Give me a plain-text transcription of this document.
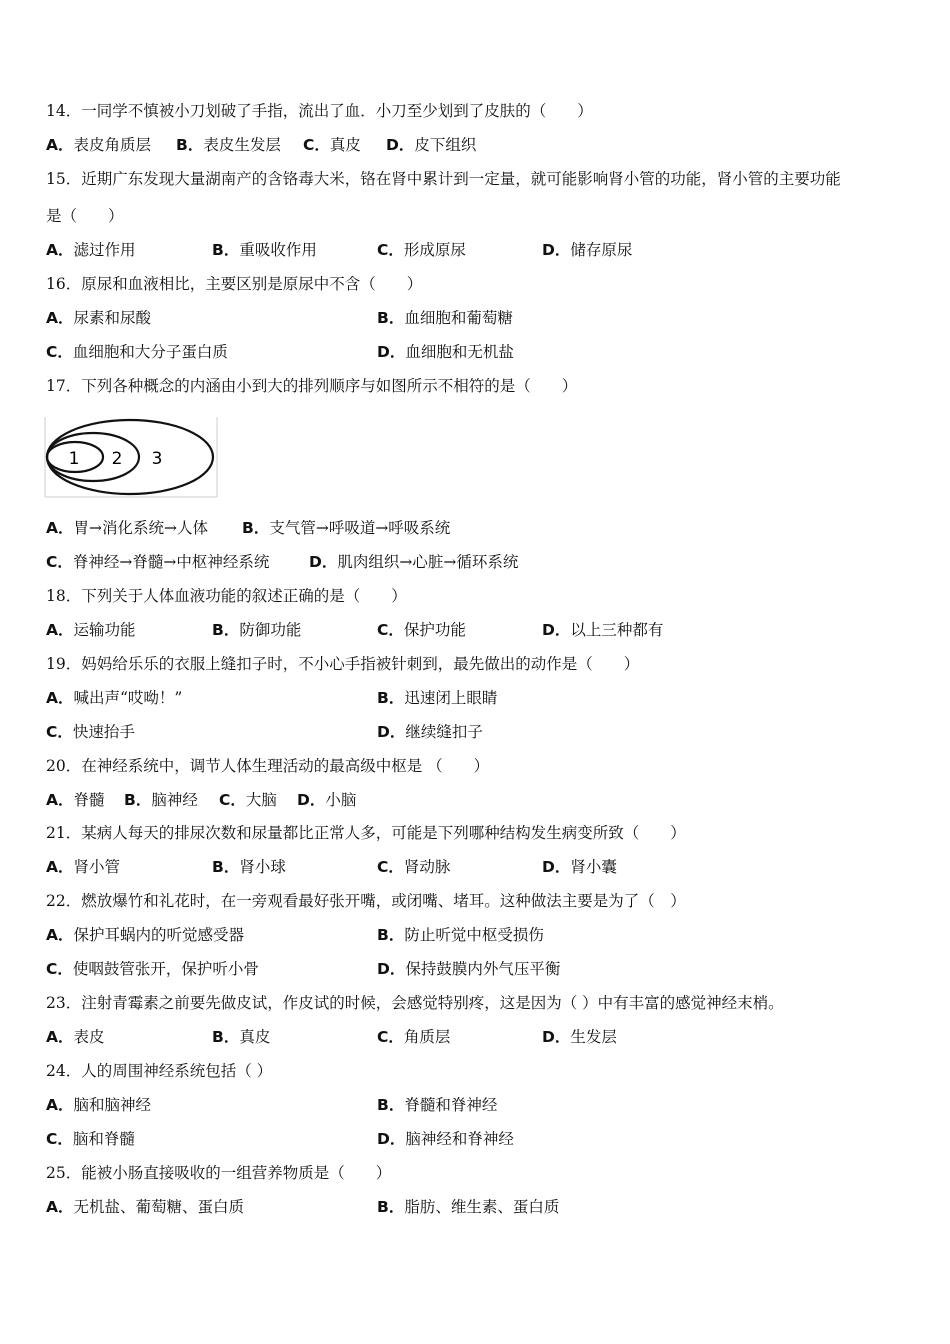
14．一同学不慎被小刀划破了手指，流出了血．小刀至少划到了皮肤的（　　）
A．表皮角质层 B．表皮生发层 C．真皮 D．皮下组织
15．近期广东发现大量湖南产的含铬毒大米，铬在肾中累计到一定量，就可能影响肾小管的功能，肾小管的主要功能
是（　　）
A．滤过作用	B．重吸收作用	C．形成原尿	D．储存原尿
16．原尿和血液相比，主要区别是原尿中不含（　　）
A．尿素和尿酸	B．血细胞和葡萄糖
C．血细胞和大分子蛋白质	D．血细胞和无机盐
17．下列各种概念的内涵由小到大的排列顺序与如图所示不相符的是（　　）
1 2 3
A．胃→消化系统→人体 B．支气管→呼吸道→呼吸系统
C．脊神经→脊髓→中枢神经系统	D．肌肉组织→心脏→循环系统
18．下列关于人体血液功能的叙述正确的是（　　）
A．运输功能	B．防御功能	C．保护功能	D．以上三种都有
19．妈妈给乐乐的衣服上缝扣子时，不小心手指被针刺到，最先做出的动作是（　　）
A．喊出声“哎呦！”	B．迅速闭上眼睛
C．快速抬手	D．继续缝扣子
20．在神经系统中，调节人体生理活动的最高级中枢是 （　　）
A．脊髓 B．脑神经 C．大脑 D．小脑
21．某病人每天的排尿次数和尿量都比正常人多，可能是下列哪种结构发生病变所致（　　）
A．肾小管	B．肾小球	C．肾动脉	D．肾小囊
22．燃放爆竹和礼花时，在一旁观看最好张开嘴，或闭嘴、堵耳。这种做法主要是为了（　）
A．保护耳蜗内的听觉感受器	B．防止听觉中枢受损伤
C．使咽鼓管张开，保护听小骨	D．保持鼓膜内外气压平衡
23．注射青霉素之前要先做皮试，作皮试的时候，会感觉特别疼，这是因为（ ）中有丰富的感觉神经末梢。
A．表皮	B．真皮	C．角质层	D．生发层
24．人的周围神经系统包括（ ）
A．脑和脑神经	B．脊髓和脊神经
C．脑和脊髓	D．脑神经和脊神经
25．能被小肠直接吸收的一组营养物质是（　　）
A．无机盐、葡萄糖、蛋白质	B．脂肪、维生素、蛋白质
